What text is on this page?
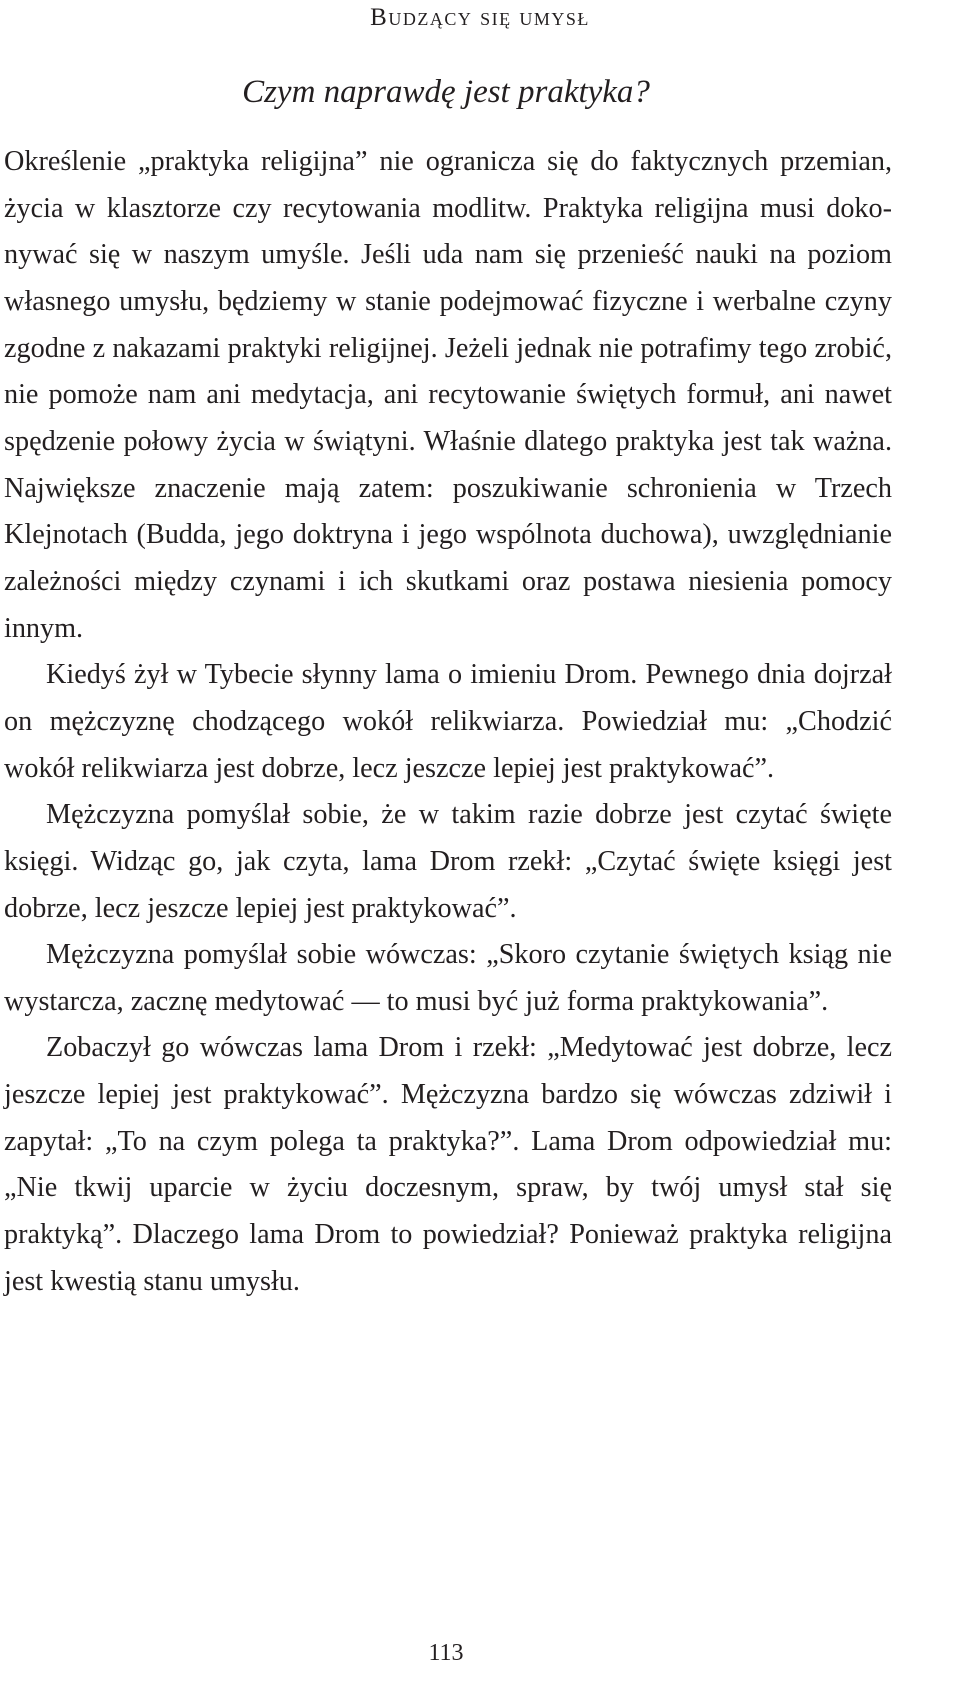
Budzący się umysł
Czym naprawdę jest praktyka?

Określenie „praktyka religijna” nie ogranicza się do faktycznych przemian, życia w klasztorze czy recytowania modlitw. Praktyka religijna musi dokonywać się w naszym umyśle. Jeśli uda nam się przenieść nauki na poziom własnego umysłu, będziemy w stanie podejmować fizyczne i werbalne czyny zgodne z nakazami praktyki religijnej. Jeżeli jednak nie potrafimy tego zrobić, nie pomoże nam ani medytacja, ani recytowanie świętych formuł, ani nawet spędzenie połowy życia w świątyni. Właśnie dlatego praktyka jest tak ważna. Największe znaczenie mają zatem: poszukiwanie schronienia w Trzech Klejnotach (Budda, jego doktryna i jego wspólnota duchowa), uwzględnianie zależności między czynami i ich skutkami oraz postawa niesienia pomocy innym.

Kiedyś żył w Tybecie słynny lama o imieniu Drom. Pewnego dnia dojrzał on mężczyznę chodzącego wokół relikwiarza. Powiedział mu: „Chodzić wokół relikwiarza jest dobrze, lecz jeszcze lepiej jest praktykować”.

Mężczyzna pomyślał sobie, że w takim razie dobrze jest czytać święte księgi. Widząc go, jak czyta, lama Drom rzekł: „Czytać święte księgi jest dobrze, lecz jeszcze lepiej jest praktykować”.

Mężczyzna pomyślał sobie wówczas: „Skoro czytanie świętych ksiąg nie wystarcza, zacznę medytować — to musi być już forma praktykowania”.

Zobaczył go wówczas lama Drom i rzekł: „Medytować jest dobrze, lecz jeszcze lepiej jest praktykować”. Mężczyzna bardzo się wówczas zdziwił i zapytał: „To na czym polega ta praktyka?”. Lama Drom odpowiedział mu: „Nie tkwij uparcie w życiu doczesnym, spraw, by twój umysł stał się praktyką”. Dlaczego lama Drom to powiedział? Ponieważ praktyka religijna jest kwestią stanu umysłu.

113
